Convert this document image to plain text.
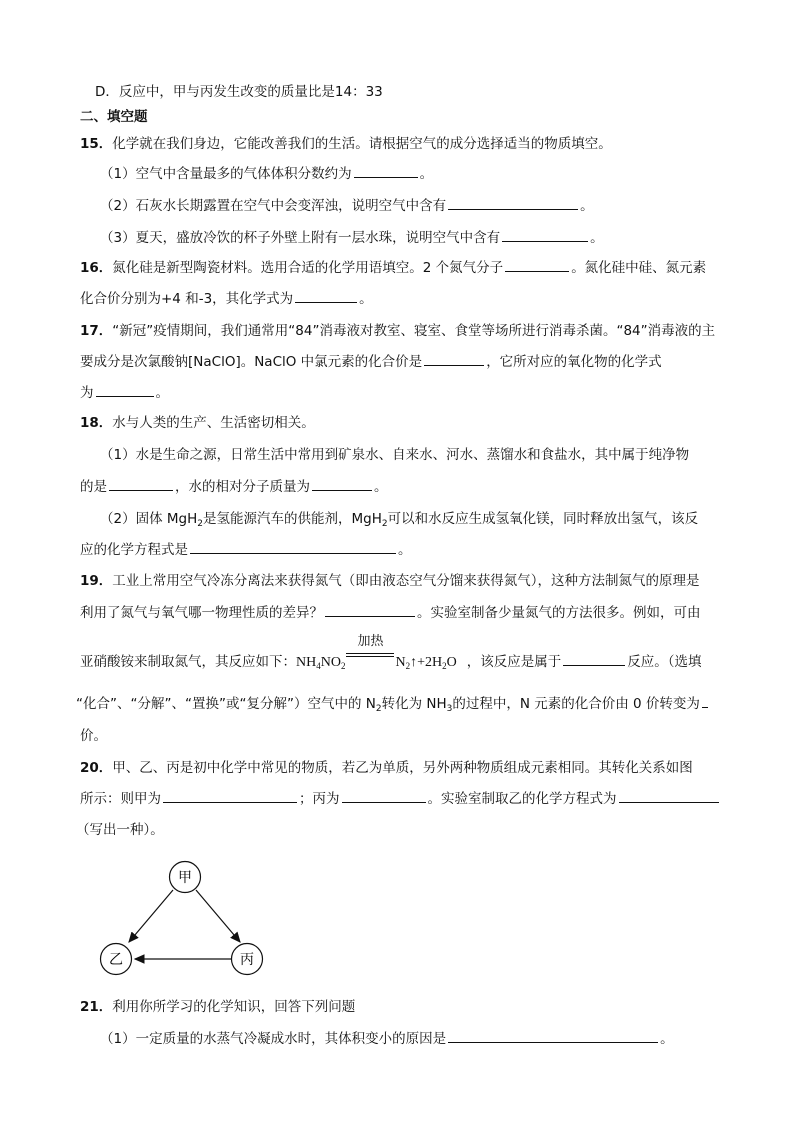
D．反应中，甲与丙发生改变的质量比是14：33
二、填空题
15．化学就在我们身边，它能改善我们的生活。请根据空气的成分选择适当的物质填空。
（1）空气中含量最多的气体体积分数约为	。
（2）石灰水长期露置在空气中会变浑浊，说明空气中含有	。
（3）夏天，盛放冷饮的杯子外壁上附有一层水珠，说明空气中含有	。
16．氮化硅是新型陶瓷材料。选用合适的化学用语填空。2 个氮气分子	。氮化硅中硅、氮元素
化合价分别为+4 和-3，其化学式为	。
17．“新冠”疫情期间，我们通常用“84”消毒液对教室、寝室、食堂等场所进行消毒杀菌。“84”消毒液的主
要成分是次氯酸钠[NaClO]。NaClO 中氯元素的化合价是	，它所对应的氧化物的化学式
为	。
18．水与人类的生产、生活密切相关。
（1）水是生命之源，日常生活中常用到矿泉水、自来水、河水、蒸馏水和食盐水，其中属于纯净物
的是	，水的相对分子质量为	。
（2）固体 MgH$_2$是氢能源汽车的供能剂，MgH$_2$可以和水反应生成氢氧化镁，同时释放出氢气，该反
应的化学方程式是	。
19．工业上常用空气冷冻分离法来获得氮气（即由液态空气分馏来获得氮气），这种方法制氮气的原理是
利用了氮气与氧气哪一物理性质的差异？	。实验室制备少量氮气的方法很多。例如，可由
亚硝酸铵来制取氮气，其反应如下：$NH_4NO_2$
加热
$N_2↑+2H_2O$ ，该反应是属于	反应。（选填
“化合”、“分解”、“置换”或“复分解”）空气中的 $N_2$转化为 $NH_3$的过程中，N 元素的化合价由 0 价转变为
价。
20．甲、乙、丙是初中化学中常见的物质，若乙为单质，另外两种物质组成元素相同。其转化关系如图
所示：则甲为	；丙为	。实验室制取乙的化学方程式为
（写出一种）。
甲
乙	丙
21．利用你所学习的化学知识，回答下列问题
（1）一定质量的水蒸气冷凝成水时，其体积变小的原因是	。
